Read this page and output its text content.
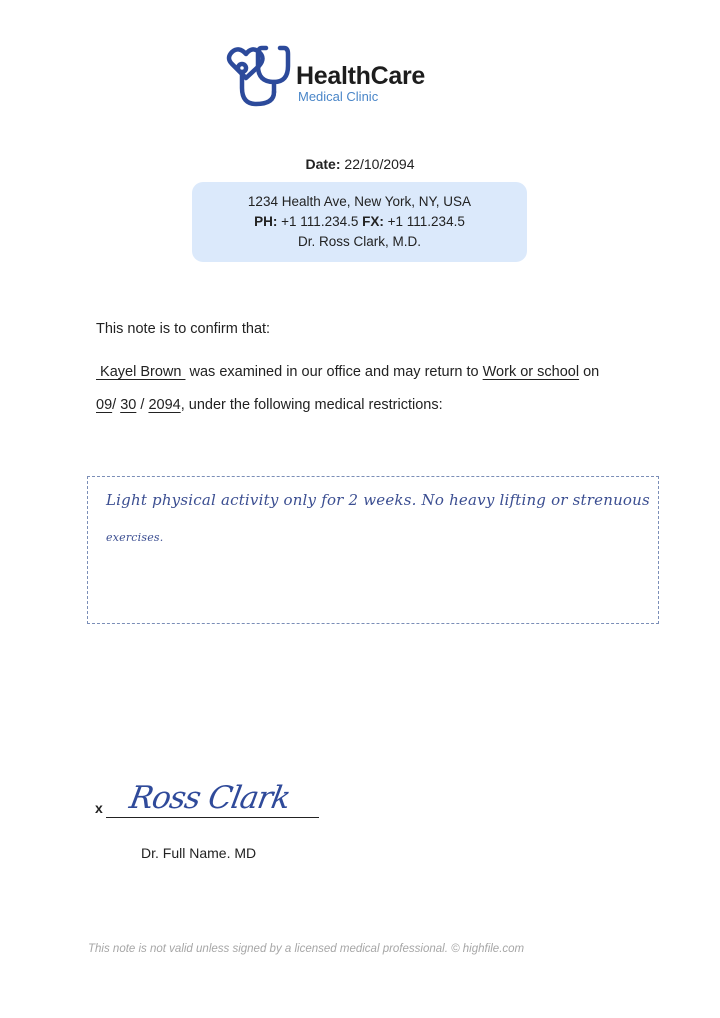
HealthCare
Medical Clinic
Date: 22/10/2094
1234 Health Ave, New York, NY, USA
PH: +1 111.234.5 FX: +1 111.234.5
Dr. Ross Clark, M.D.
This note is to confirm that:
Kayel Brown  was examined in our office and may return to Work or school on
09/ 30 / 2094, under the following medical restrictions:
Light physical activity only for 2 weeks. No heavy lifting or strenuous
exercises.
x Ross Clark
Dr. Full Name. MD
This note is not valid unless signed by a licensed medical professional. © highfile.com
